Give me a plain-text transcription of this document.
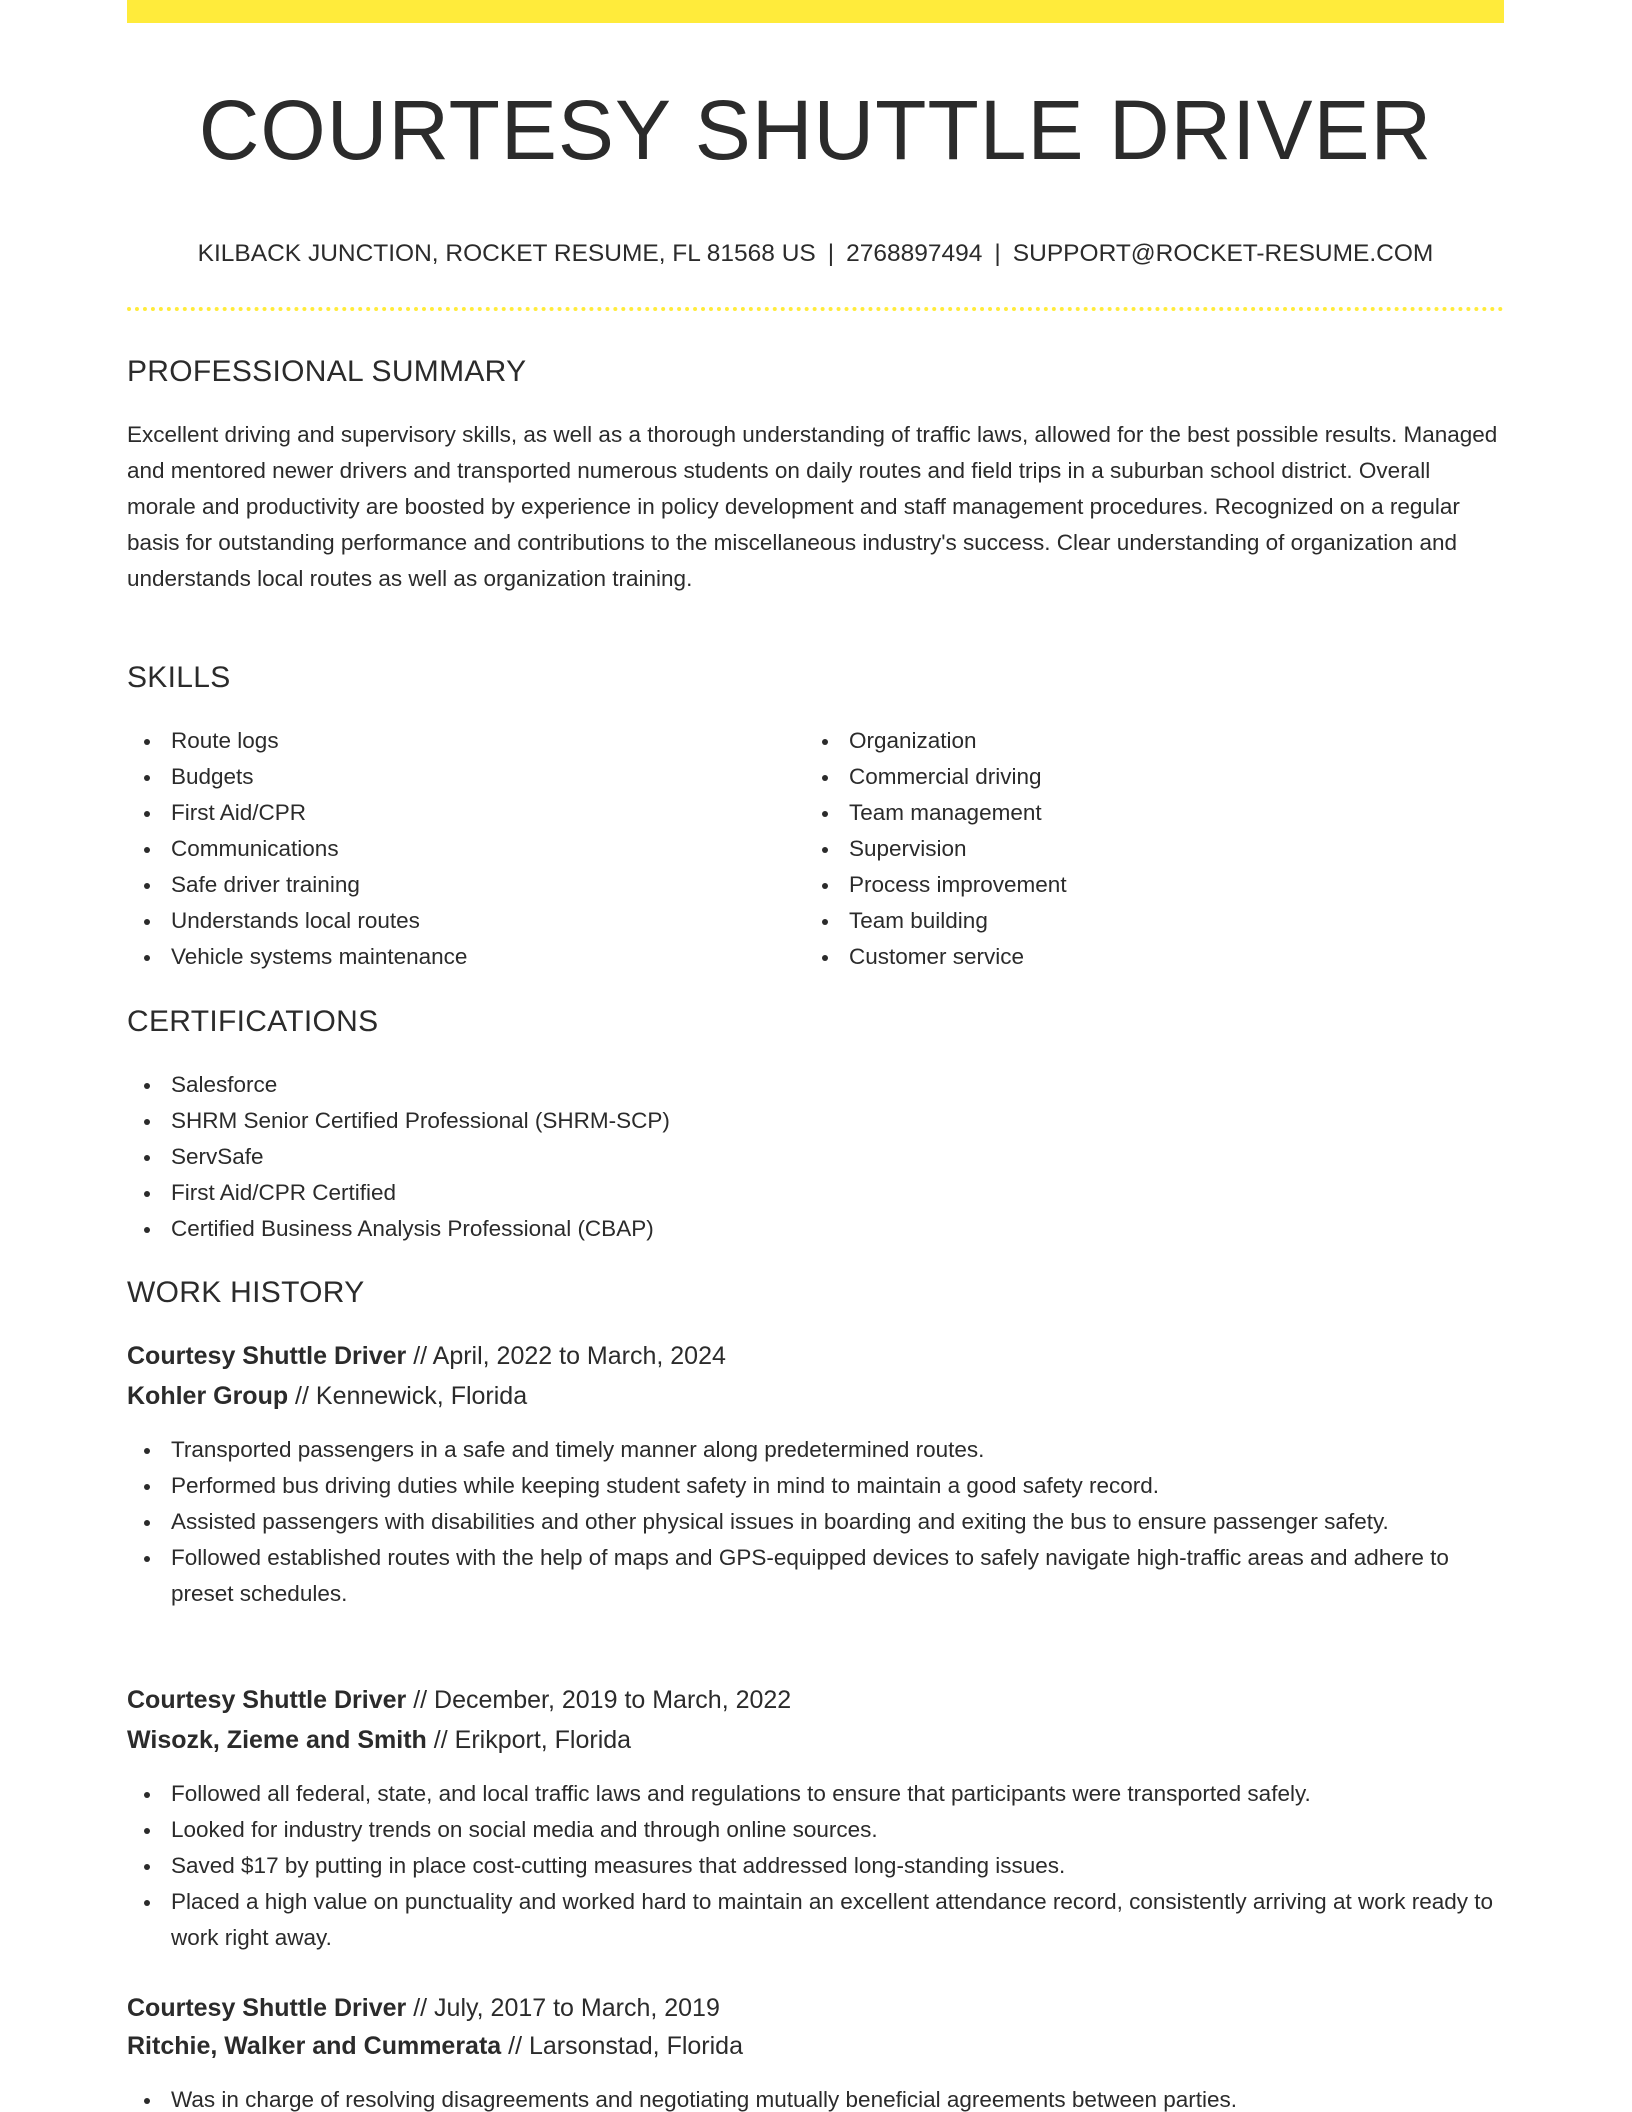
COURTESY SHUTTLE DRIVER
KILBACK JUNCTION, ROCKET RESUME, FL 81568 US | 2768897494 | SUPPORT@ROCKET-RESUME.COM
PROFESSIONAL SUMMARY

Excellent driving and supervisory skills, as well as a thorough understanding of traffic laws, allowed for the best possible results. Managed and mentored newer drivers and transported numerous students on daily routes and field trips in a suburban school district. Overall morale and productivity are boosted by experience in policy development and staff management procedures. Recognized on a regular basis for outstanding performance and contributions to the miscellaneous industry's success. Clear understanding of organization and understands local routes as well as organization training.

SKILLS
Route logs
Budgets
First Aid/CPR
Communications
Safe driver training
Understands local routes
Vehicle systems maintenance
Organization
Commercial driving
Team management
Supervision
Process improvement
Team building
Customer service
CERTIFICATIONS
Salesforce
SHRM Senior Certified Professional (SHRM-SCP)
ServSafe
First Aid/CPR Certified
Certified Business Analysis Professional (CBAP)
WORK HISTORY
Courtesy Shuttle Driver // April, 2022 to March, 2024
Kohler Group // Kennewick, Florida
Transported passengers in a safe and timely manner along predetermined routes.
Performed bus driving duties while keeping student safety in mind to maintain a good safety record.
Assisted passengers with disabilities and other physical issues in boarding and exiting the bus to ensure passenger safety.
Followed established routes with the help of maps and GPS-equipped devices to safely navigate high-traffic areas and adhere to preset schedules.
Courtesy Shuttle Driver // December, 2019 to March, 2022
Wisozk, Zieme and Smith // Erikport, Florida
Followed all federal, state, and local traffic laws and regulations to ensure that participants were transported safely.
Looked for industry trends on social media and through online sources.
Saved $17 by putting in place cost-cutting measures that addressed long-standing issues.
Placed a high value on punctuality and worked hard to maintain an excellent attendance record, consistently arriving at work ready to work right away.
Courtesy Shuttle Driver // July, 2017 to March, 2019
Ritchie, Walker and Cummerata // Larsonstad, Florida
Was in charge of resolving disagreements and negotiating mutually beneficial agreements between parties.
